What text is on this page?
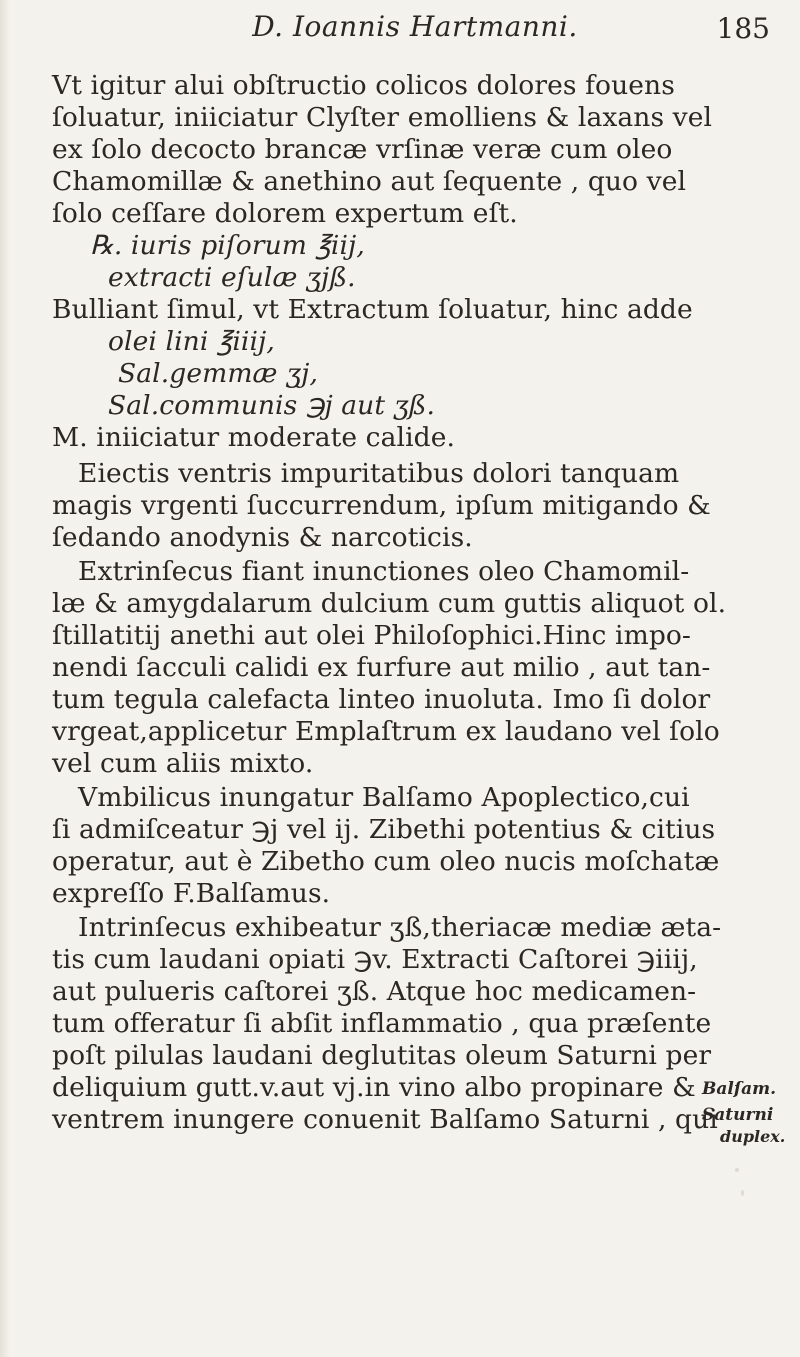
D. Ioannis Hartmanni.	185
Vt igitur alui obſtructio colicos dolores fouens
ſoluatur, iniiciatur Clyſter emolliens & laxans vel
ex ſolo decocto brancæ vrſinæ veræ cum oleo
Chamomillæ & anethino aut ſequente , quo vel
ſolo ceſſare dolorem expertum eſt.
℞. iuris piſorum ℥iij,
extracti eſulæ ʒjß.
Bulliant ſimul, vt Extractum ſoluatur, hinc adde
olei lini ℥iiij,
Sal.gemmæ ʒj,
Sal.communis ℈j aut ʒß.
M. iniiciatur moderate calide.
Eiectis ventris impuritatibus dolori tanquam
magis vrgenti ſuccurrendum, ipſum mitigando &
ſedando anodynis & narcoticis.
Extrinſecus fiant inunctiones oleo Chamomil-
læ & amygdalarum dulcium cum guttis aliquot ol.
ſtillatitij anethi aut olei Philoſophici.Hinc impo-
nendi ſacculi calidi ex furfure aut milio , aut tan-
tum tegula calefacta linteo inuoluta. Imo ſi dolor
vrgeat,applicetur Emplaſtrum ex laudano vel ſolo
vel cum aliis mixto.
Vmbilicus inungatur Balſamo Apoplectico,cui
ſi admiſceatur ℈j vel ij. Zibethi potentius & citius
operatur, aut è Zibetho cum oleo nucis moſchatæ
expreſſo F.Balſamus.
Intrinſecus exhibeatur ʒß,theriacæ mediæ æta-
tis cum laudani opiati ℈v. Extracti Caſtorei ℈iiij,
aut pulueris caſtorei ʒß. Atque hoc medicamen-
tum offeratur ſi abſit inflammatio , qua præſente
poſt pilulas laudani deglutitas oleum Saturni per
deliquium gutt.v.aut vj.in vino albo propinare &
ventrem inungere conuenit Balſamo Saturni , qui
Balſam.
Saturni
duplex.
